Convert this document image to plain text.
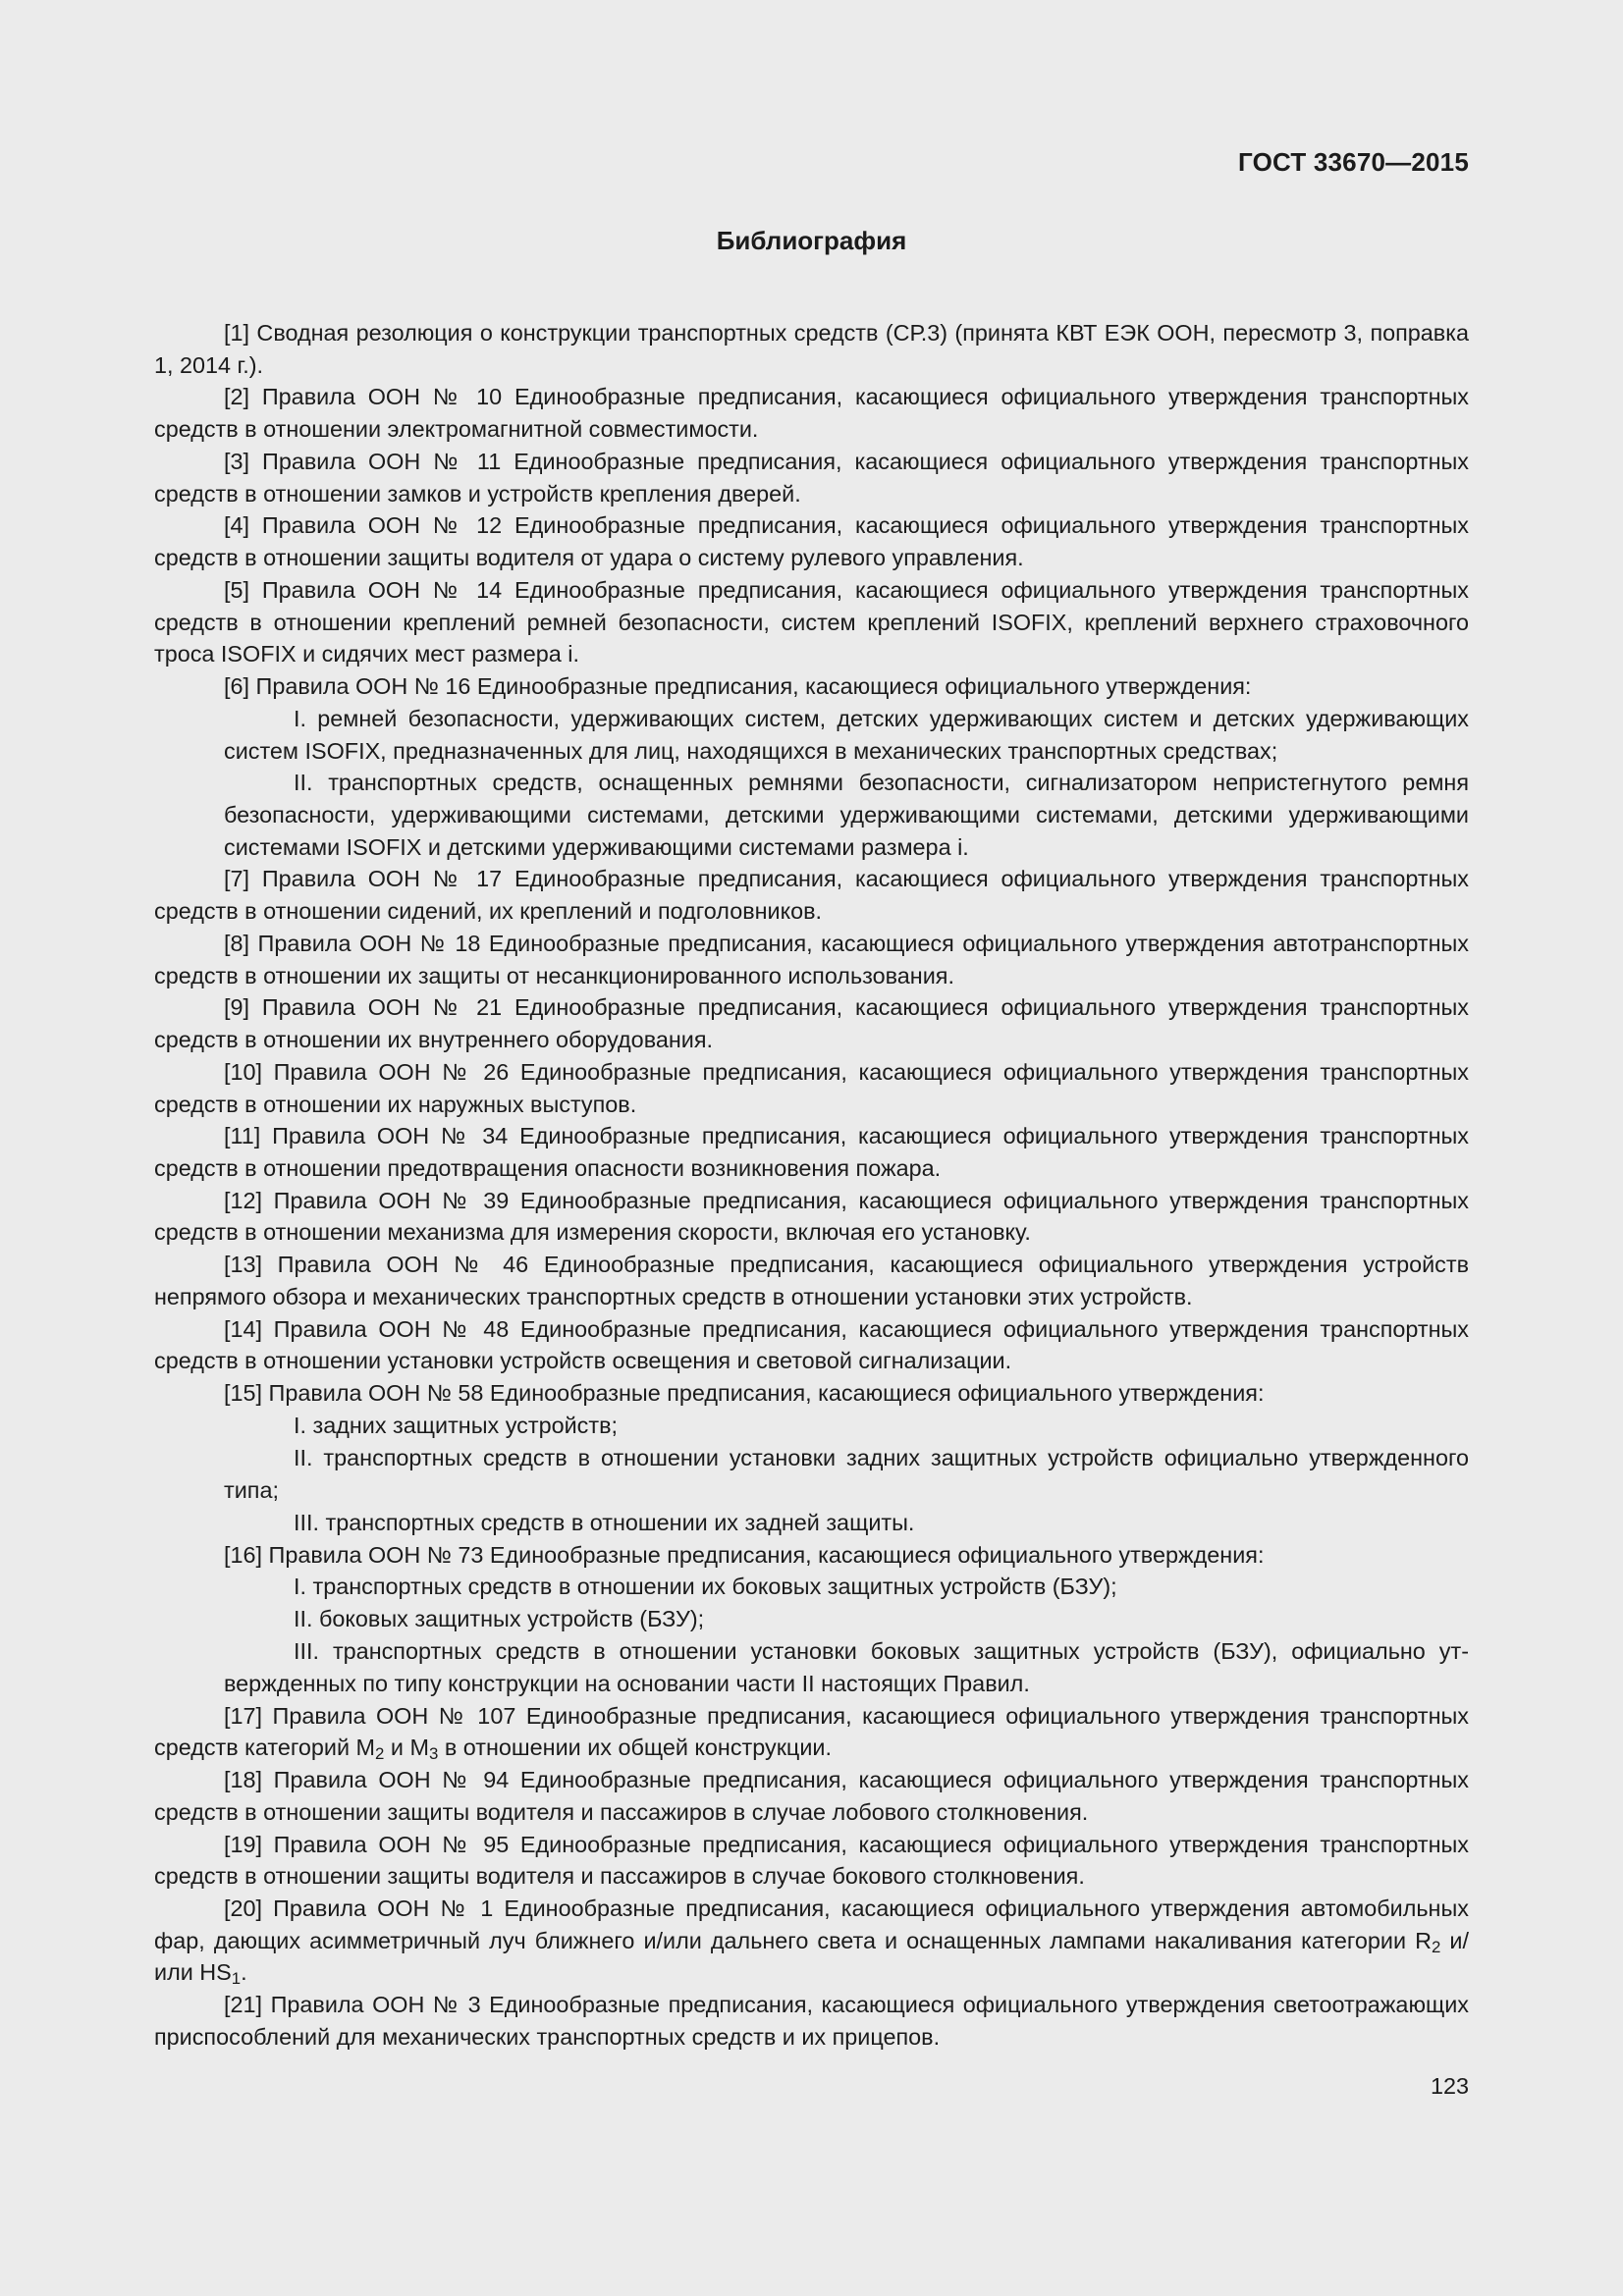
ГОСТ 33670—2015
Библиография

[1] Сводная резолюция о конструкции транспортных средств (СР.3) (принята КВТ ЕЭК ООН, пересмотр 3, поправка 1, 2014 г.).

[2] Правила ООН № 10 Единообразные предписания, касающиеся официального утверждения транспортных средств в отношении электромагнитной совместимости.

[3] Правила ООН № 11 Единообразные предписания, касающиеся официального утверждения транспортных средств в отношении замков и устройств крепления дверей.

[4] Правила ООН № 12 Единообразные предписания, касающиеся официального утверждения транспортных средств в отношении защиты водителя от удара о систему рулевого управления.

[5] Правила ООН № 14 Единообразные предписания, касающиеся официального утверждения транспортных средств в отношении креплений ремней безопасности, систем креплений ISOFIX, креплений верхнего страховочного троса ISOFIX и сидячих мест размера i.

[6] Правила ООН № 16 Единообразные предписания, касающиеся официального утверждения:

I. ремней безопасности, удерживающих систем, детских удерживающих систем и детских удерживающих систем ISOFIX, предназначенных для лиц, находящихся в механических транспортных средствах;

II. транспортных средств, оснащенных ремнями безопасности, сигнализатором непристегнутого ремня безопасности, удерживающими системами, детскими удерживающими системами, детскими удерживающими системами ISOFIX и детскими удерживающими системами размера i.

[7] Правила ООН № 17 Единообразные предписания, касающиеся официального утверждения транспортных средств в отношении сидений, их креплений и подголовников.

[8] Правила ООН № 18 Единообразные предписания, касающиеся официального утверждения автотранспортных средств в отношении их защиты от несанкционированного использования.

[9] Правила ООН № 21 Единообразные предписания, касающиеся официального утверждения транспортных средств в отношении их внутреннего оборудования.

[10] Правила ООН № 26 Единообразные предписания, касающиеся официального утверждения транспортных средств в отношении их наружных выступов.

[11] Правила ООН № 34 Единообразные предписания, касающиеся официального утверждения транспортных средств в отношении предотвращения опасности возникновения пожара.

[12] Правила ООН № 39 Единообразные предписания, касающиеся официального утверждения транспортных средств в отношении механизма для измерения скорости, включая его установку.

[13] Правила ООН № 46 Единообразные предписания, касающиеся официального утверждения устройств непрямого обзора и механических транспортных средств в отношении установки этих устройств.

[14] Правила ООН № 48 Единообразные предписания, касающиеся официального утверждения транспортных средств в отношении установки устройств освещения и световой сигнализации.

[15] Правила ООН № 58 Единообразные предписания, касающиеся официального утверждения:

I. задних защитных устройств;

II. транспортных средств в отношении установки задних защитных устройств официально утвержденного типа;

III. транспортных средств в отношении их задней защиты.

[16] Правила ООН № 73 Единообразные предписания, касающиеся официального утверждения:

I. транспортных средств в отношении их боковых защитных устройств (БЗУ);

II. боковых защитных устройств (БЗУ);

III. транспортных средств в отношении установки боковых защитных устройств (БЗУ), официально утвержденных по типу конструкции на основании части II настоящих Правил.

[17] Правила ООН № 107 Единообразные предписания, касающиеся официального утверждения транспортных средств категорий $M_2$ и $M_3$ в отношении их общей конструкции.

[18] Правила ООН № 94 Единообразные предписания, касающиеся официального утверждения транспортных средств в отношении защиты водителя и пассажиров в случае лобового столкновения.

[19] Правила ООН № 95 Единообразные предписания, касающиеся официального утверждения транспортных средств в отношении защиты водителя и пассажиров в случае бокового столкновения.

[20] Правила ООН № 1 Единообразные предписания, касающиеся официального утверждения автомобильных фар, дающих асимметричный луч ближнего и/или дальнего света и оснащенных лампами накаливания категории $R_2$ и/или $HS_1$.

[21] Правила ООН № 3 Единообразные предписания, касающиеся официального утверждения светоотражающих приспособлений для механических транспортных средств и их прицепов.

123
